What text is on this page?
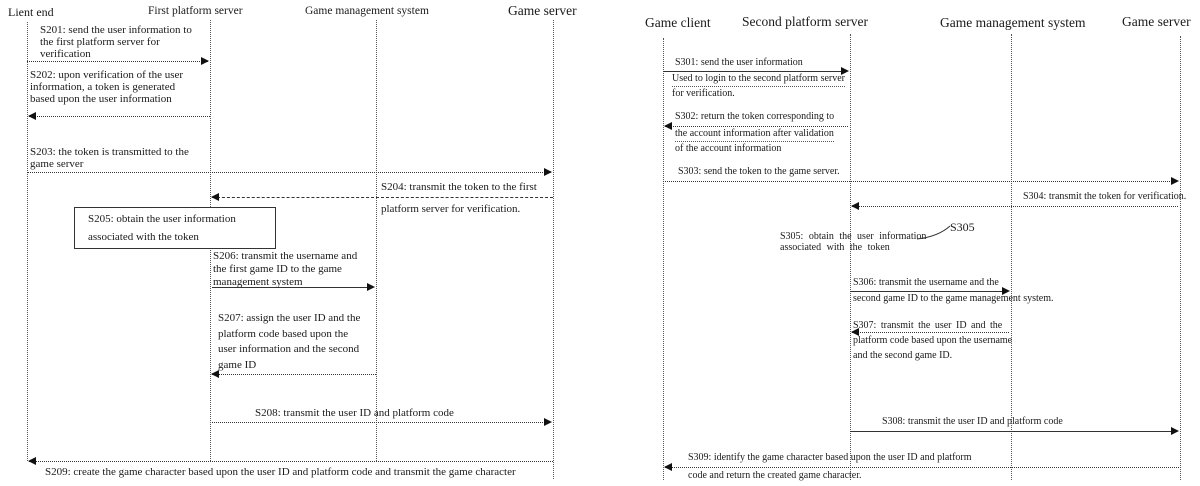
Lient end	First platform server	Game management system	Game server
S201: send the user information to
the first platform server for
verification
S202: upon verification of the user
information, a token is generated
based upon the user information
S203: the token is transmitted to the
game server
S204: transmit the token to the first
platform server for verification.
S205: obtain the user information
associated with the token
S206: transmit the username and
the first game ID to the game
management system
S207: assign the user ID and the
platform code based upon the
user information and the second
game ID
S208: transmit the user ID and platform code
S209: create the game character based upon the user ID and platform code and transmit the game character
Game client Second platform server	Game management system	Game server
S301: send the user information
Used to login to the second platform server
for verification.
S302: return the token corresponding to
the account information after validation
of the account information
S303: send the token to the game server.
S304: transmit the token for verification.
S305: obtain the user information
associated with the token
S305
S306: transmit the username and the
second game ID to the game management system.
S307: transmit the user ID and the
platform code based upon the username
and the second game ID.
S308: transmit the user ID and platform code
S309: identify the game character based upon the user ID and platform
code and return the created game character.
